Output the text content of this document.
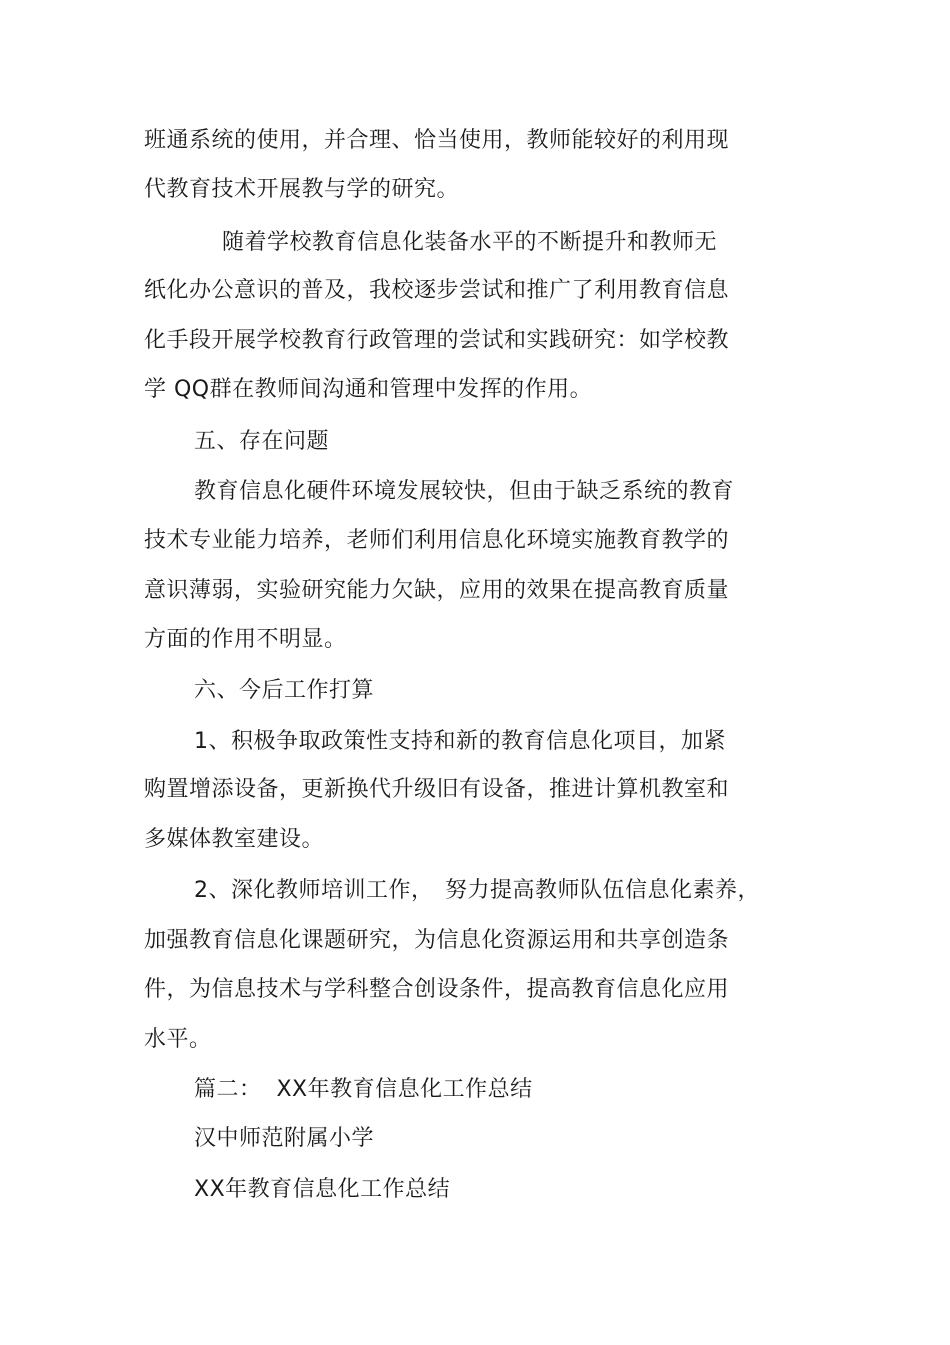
班通系统的使用，并合理、恰当使用，教师能较好的利用现
代教育技术开展教与学的研究。
随着学校教育信息化装备水平的不断提升和教师无
纸化办公意识的普及，我校逐步尝试和推广了利用教育信息
化手段开展学校教育行政管理的尝试和实践研究：如学校教
学 QQ群在教师间沟通和管理中发挥的作用。
五、存在问题
教育信息化硬件环境发展较快，但由于缺乏系统的教育
技术专业能力培养，老师们利用信息化环境实施教育教学的
意识薄弱，实验研究能力欠缺，应用的效果在提高教育质量
方面的作用不明显。
六、今后工作打算
1、积极争取政策性支持和新的教育信息化项目，加紧
购置增添设备，更新换代升级旧有设备，推进计算机教室和
多媒体教室建设。
2、深化教师培训工作，　努力提高教师队伍信息化素养，
加强教育信息化课题研究，为信息化资源运用和共享创造条
件，为信息技术与学科整合创设条件，提高教育信息化应用
水平。
篇二：  XX年教育信息化工作总结
汉中师范附属小学
XX年教育信息化工作总结
